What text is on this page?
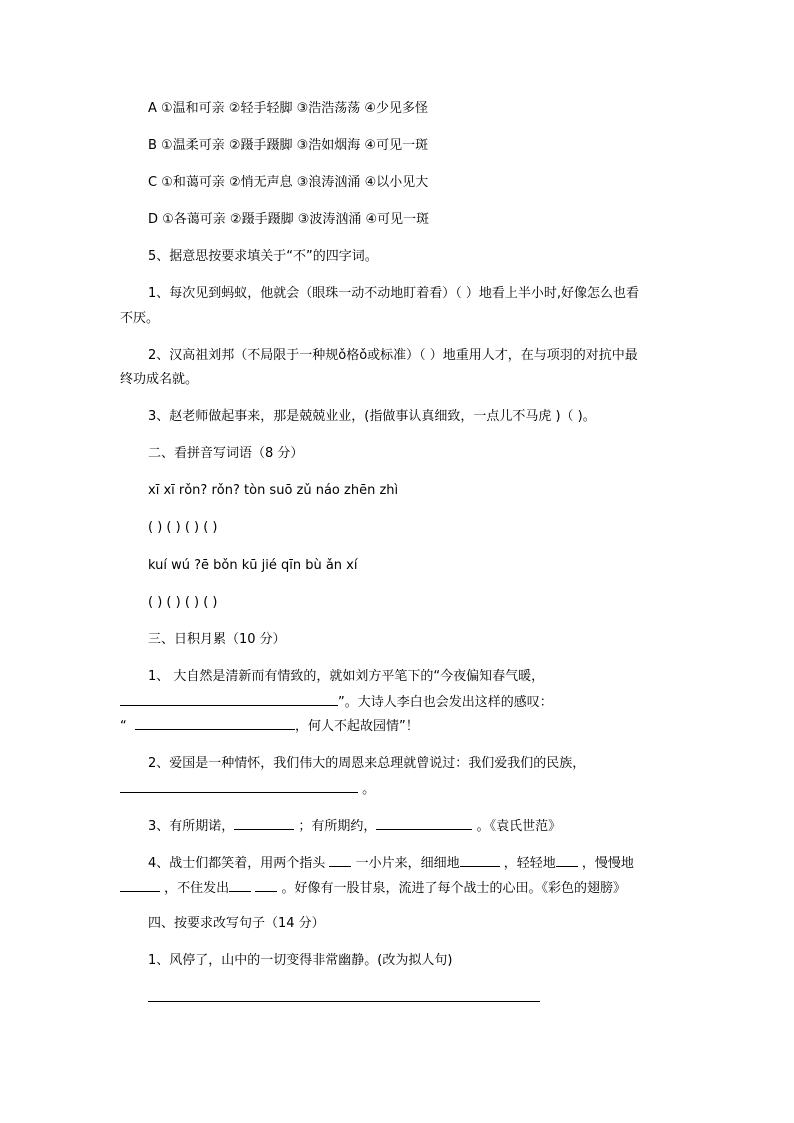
A ①温和可亲 ②轻手轻脚 ③浩浩荡荡 ④少见多怪
B ①温柔可亲 ②蹑手蹑脚 ③浩如烟海 ④可见一斑
C ①和蔼可亲 ②悄无声息 ③浪涛汹涌 ④以小见大
D ①各蔼可亲 ②蹑手蹑脚 ③波涛汹涌 ④可见一斑
5、据意思按要求填关于“不”的四字词。
1、每次见到蚂蚁，他就会（眼珠一动不动地盯着看）（ ）地看上半小时,好像怎么也看
不厌。
2、汉高祖刘邦（不局限于一种规ǒ格ǒ或标准）（ ）地重用人才，在与项羽的对抗中最
终功成名就。
3、赵老师做起事来，那是兢兢业业，(指做事认真细致，一点儿不马虎 )（ )。
二、看拼音写词语（8 分）
xī xī rǒn? rǒn? tòn suō zǔ náo zhēn zhì
( ) ( ) ( ) ( )
kuí wú ?ē bǒn kū jié qīn bù ǎn xí
( ) ( ) ( ) ( )
三、日积月累（10 分）
1、 大自然是清新而有情致的，就如刘方平笔下的“今夜偏知春气暖，
”。大诗人李白也会发出这样的感叹：
“	，何人不起故园情”！
2、爱国是一种情怀，我们伟大的周恩来总理就曾说过：我们爱我们的民族，
。
3、有所期诺，	；有所期约，	。《袁氏世范》
4、战士们都笑着，用两个指头 一小片来，细细地	，轻轻地 ，慢慢地
，不住发出	。好像有一股甘泉，流进了每个战士的心田。《彩色的翅膀》
四、按要求改写句子（14 分）
1、风停了，山中的一切变得非常幽静。(改为拟人句)
